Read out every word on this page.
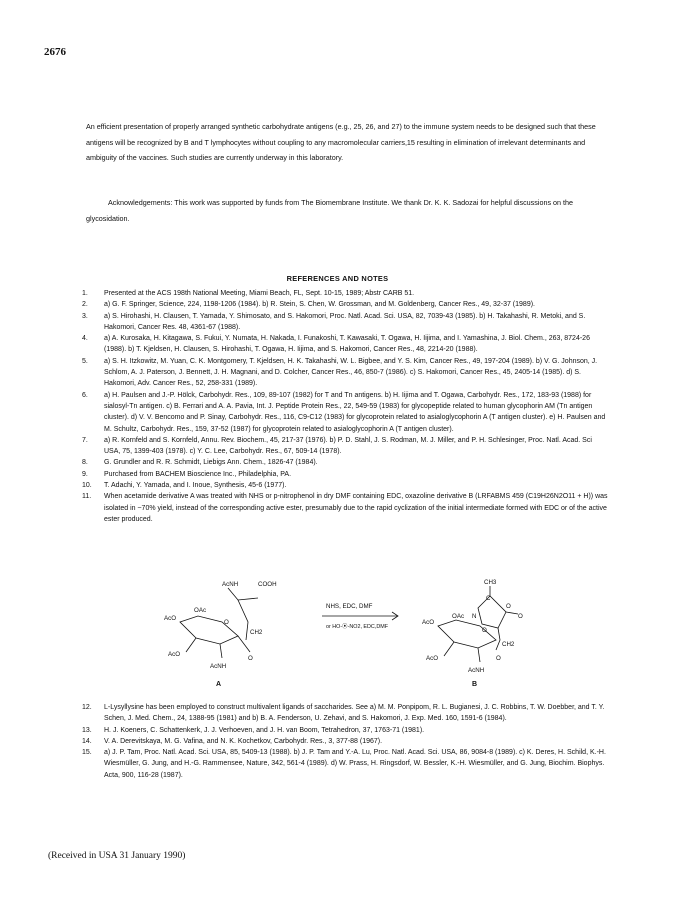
2676
An efficient presentation of properly arranged synthetic carbohydrate antigens (e.g., 25, 26, and 27) to the immune system needs to be designed such that these antigens will be recognized by B and T lymphocytes without coupling to any macromolecular carriers,15 resulting in elimination of irrelevant determinants and ambiguity of the vaccines. Such studies are currently underway in this laboratory.
Acknowledgements: This work was supported by funds from The Biomembrane Institute. We thank Dr. K. K. Sadozai for helpful discussions on the glycosidation.
REFERENCES AND NOTES
1.	Presented at the ACS 198th National Meeting, Miami Beach, FL, Sept. 10-15, 1989; Abstr CARB 51.
2.	a) G. F. Springer, Science, 224, 1198-1206 (1984). b) R. Stein, S. Chen, W. Grossman, and M. Goldenberg, Cancer Res., 49, 32-37 (1989).
3.	a) S. Hirohashi, H. Clausen, T. Yamada, Y. Shimosato, and S. Hakomori, Proc. Natl. Acad. Sci. USA, 82, 7039-43 (1985). b) H. Takahashi, R. Metoki, and S. Hakomori, Cancer Res. 48, 4361-67 (1988).
4.	a) A. Kurosaka, H. Kitagawa, S. Fukui, Y. Numata, H. Nakada, I. Funakoshi, T. Kawasaki, T. Ogawa, H. Iijima, and I. Yamashina, J. Biol. Chem., 263, 8724-26 (1988). b) T. Kjeldsen, H. Clausen, S. Hirohashi, T. Ogawa, H. Iijima, and S. Hakomori, Cancer Res., 48, 2214-20 (1988).
5.	a) S. H. Itzkowitz, M. Yuan, C. K. Montgomery, T. Kjeldsen, H. K. Takahashi, W. L. Bigbee, and Y. S. Kim, Cancer Res., 49, 197-204 (1989). b) V. G. Johnson, J. Schlom, A. J. Paterson, J. Bennett, J. H. Magnani, and D. Colcher, Cancer Res., 46, 850-7 (1986). c) S. Hakomori, Cancer Res., 45, 2405-14 (1985). d) S. Hakomori, Adv. Cancer Res., 52, 258-331 (1989).
6.	a) H. Paulsen and J.-P. Hölck, Carbohydr. Res., 109, 89-107 (1982) for T and Tn antigens. b) H. Iijima and T. Ogawa, Carbohydr. Res., 172, 183-93 (1988) for sialosyl-Tn antigen. c) B. Ferrari and A. A. Pavia, Int. J. Peptide Protein Res., 22, 549-59 (1983) for glycopeptide related to human glycophorin AM (Tn antigen cluster). d) V. V. Bencomo and P. Sinay, Carbohydr. Res., 116, C9-C12 (1983) for glycoprotein related to asialoglycophorin A (T antigen cluster). e) H. Paulsen and M. Schultz, Carbohydr. Res., 159, 37-52 (1987) for glycoprotein related to asialoglycophorin A (T antigen cluster).
7.	a) R. Kornfeld and S. Kornfeld, Annu. Rev. Biochem., 45, 217-37 (1976). b) P. D. Stahl, J. S. Rodman, M. J. Miller, and P. H. Schlesinger, Proc. Natl. Acad. Sci USA, 75, 1399-403 (1978). c) Y. C. Lee, Carbohydr. Res., 67, 509-14 (1978).
8.	G. Grundler and R. R. Schmidt, Liebigs Ann. Chem., 1826-47 (1984).
9.	Purchased from BACHEM Bioscience Inc., Philadelphia, PA.
10.	T. Adachi, Y. Yamada, and I. Inoue, Synthesis, 45-6 (1977).
11.	When acetamide derivative A was treated with NHS or p-nitrophenol in dry DMF containing EDC, oxazoline derivative B (LRFABMS 459 (C19H26N2O11 + H)) was isolated in ~70% yield, instead of the corresponding active ester, presumably due to the rapid cyclization of the initial intermediate formed with EDC or of the active ester produced.
AcNH	COOH
AcO
OAc
O
CH2
AcO
AcNH
O
NHS, EDC, DMF
or HO-⦿-NO2, EDC,DMF
CH3
C
O
O
N
AcO
OAc
O
CH2
AcO
AcNH
O
A	B
12.	L-Lysyllysine has been employed to construct multivalent ligands of saccharides. See a) M. M. Ponpipom, R. L. Bugianesi, J. C. Robbins, T. W. Doebber, and T. Y. Schen, J. Med. Chem., 24, 1388-95 (1981) and b) B. A. Fenderson, U. Zehavi, and S. Hakomori, J. Exp. Med. 160, 1591-6 (1984).
13.	H. J. Koeners, C. Schattenkerk, J. J. Verhoeven, and J. H. van Boom, Tetrahedron, 37, 1763-71 (1981).
14.	V. A. Derevitskaya, M. G. Vafina, and N. K. Kochetkov, Carbohydr. Res., 3, 377-88 (1967).
15.	a) J. P. Tam, Proc. Natl. Acad. Sci. USA, 85, 5409-13 (1988). b) J. P. Tam and Y.-A. Lu, Proc. Natl. Acad. Sci. USA, 86, 9084-8 (1989). c) K. Deres, H. Schild, K.-H. Wiesmüller, G. Jung, and H.-G. Rammensee, Nature, 342, 561-4 (1989). d) W. Prass, H. Ringsdorf, W. Bessler, K.-H. Wiesmüller, and G. Jung, Biochim. Biophys. Acta, 900, 116-28 (1987).
(Received in USA 31 January 1990)
